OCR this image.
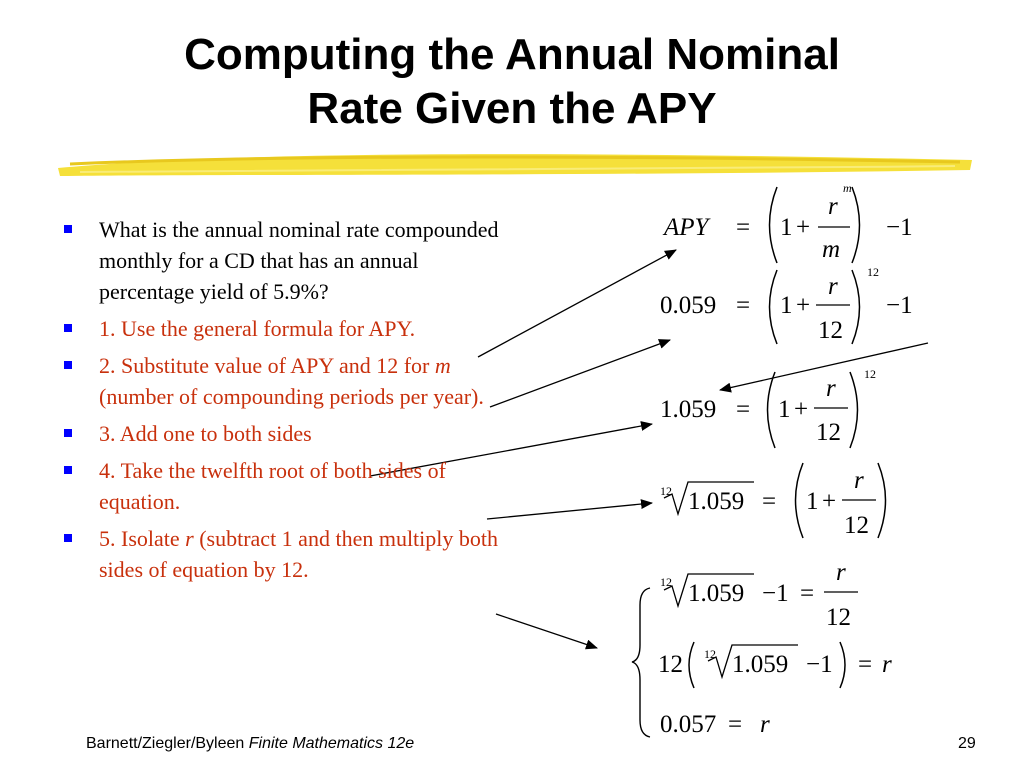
Computing the Annual Nominal
Rate Given the APY
APY = 1 +
r
m
m
−1
0.059 = 1 +
r
12
12
−1
1.059 = 1 +
r
12
12
12 1.059 = 1 +
r
12
12 1.059 −1 =
r
12
12 12 1.059 −1 = r
0.057 = r
What is the annual nominal rate compounded monthly for a CD that has an annual percentage yield of 5.9%?
1. Use the general formula for APY.
2. Substitute value of APY and 12 for m (number of compounding periods per year).
3. Add one to both sides
4. Take the twelfth root of both sides of equation.
5. Isolate r (subtract 1 and then multiply both sides of equation by 12.
Barnett/Ziegler/Byleen Finite Mathematics 12e	29
